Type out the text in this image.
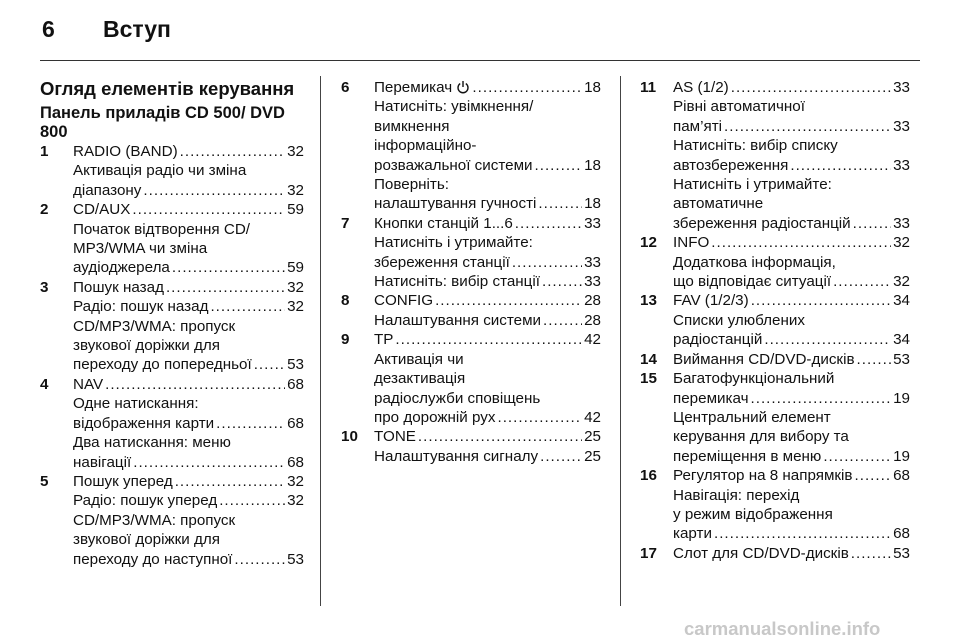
6 Вступ
Огляд елементів керування
Панель приладів CD 500/ DVD 800
1 RADIO (BAND) .....	32
Активація радіо чи зміна
діапазону .....	32
2 CD/AUX .....	59
Початок відтворення CD/
MP3/WMA чи зміна
аудіоджерела .....	59
3 Пошук назад .....	32
Радіо: пошук назад .....	32
CD/MP3/WMA: пропуск
звукової доріжки для
переходу до попередньої ..... 53
4 NAV .....	68
Одне натискання:
відображення карти .....	68
Два натискання: меню
навігації .....	68
5 Пошук уперед .....	32
Радіо: пошук уперед .....	32
CD/MP3/WMA: пропуск
звукової доріжки для
переходу до наступної .....	53
6 Перемикач
.....	18
Натисніть: увімкнення/
вимкнення
інформаційно-
розважальної системи .....	18
Поверніть:
налаштування гучності .....	18
7 Кнопки станцій 1...6 .....	33
Натисніть і утримайте:
збереження станції .....	33
Натисніть: вибір станції .....	33
8 CONFIG .....	28
Налаштування системи .....	28
9 TP .....	42
Активація чи
дезактивація
радіослужби сповіщень
про дорожній рух .....	42
10 TONE .....	25
Налаштування сигналу .....	25
11 AS (1/2) .....	33
Рівні автоматичної
пам’яті .....	33
Натисніть: вибір списку
автозбереження .....	33
Натисніть і утримайте:
автоматичне
збереження радіостанцій .....	33
12 INFO .....	32
Додаткова інформація,
що відповідає ситуації .....	32
13 FAV (1/2/3) .....	34
Списки улюблених
радіостанцій .....	34
14 Виймання CD/DVD-дисків .....	53
15 Багатофункціональний
перемикач .....	19
Центральний елемент
керування для вибору та
переміщення в меню .....	19
16 Регулятор на 8 напрямків .....	68
Навігація: перехід
у режим відображення
карти .....	68
17 Слот для CD/DVD-дисків .....	53
carmanualsonline.info
